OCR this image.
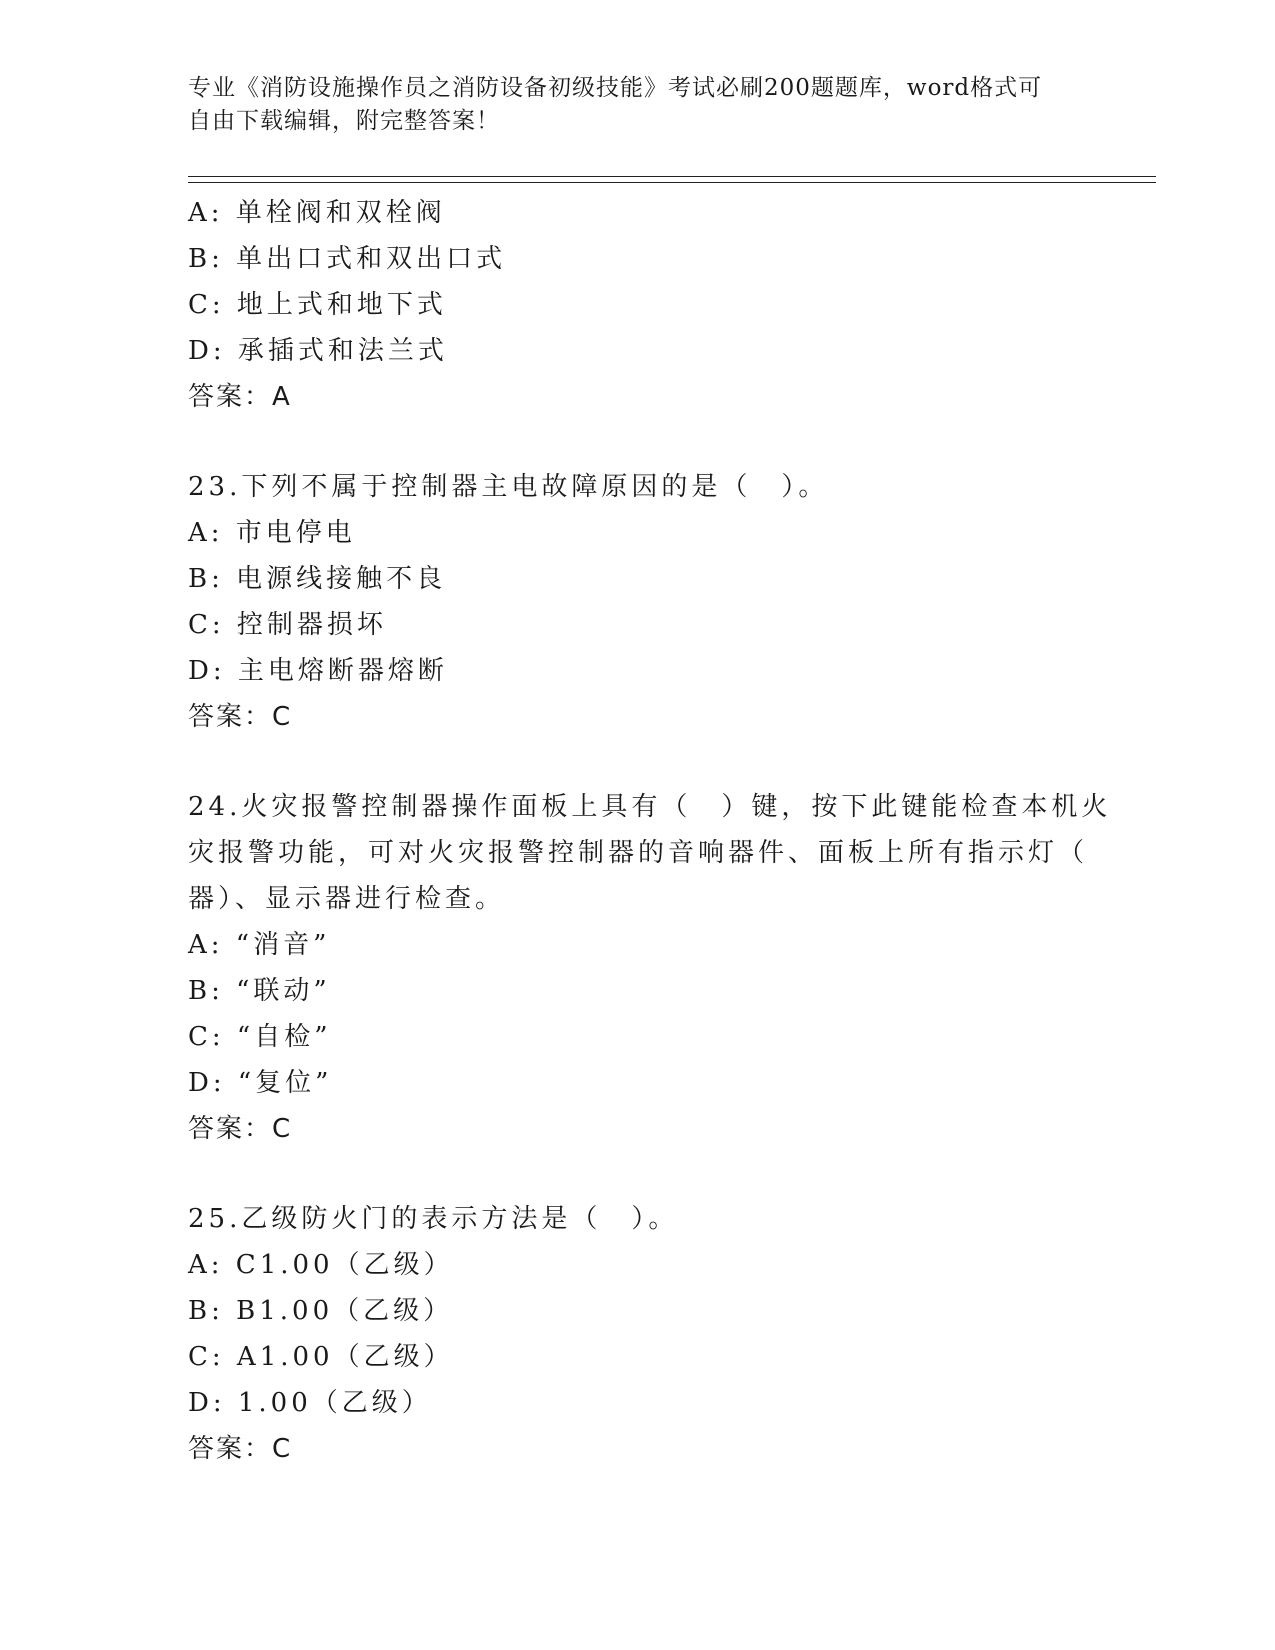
专业《消防设施操作员之消防设备初级技能》考试必刷200题题库，word格式可
自由下载编辑，附完整答案！
A: 单栓阀和双栓阀
B: 单出口式和双出口式
C: 地上式和地下式
D: 承插式和法兰式
答案：A
23.下列不属于控制器主电故障原因的是（　）。
A: 市电停电
B: 电源线接触不良
C: 控制器损坏
D: 主电熔断器熔断
答案：C
24.火灾报警控制器操作面板上具有（　）键，按下此键能检查本机火
灾报警功能，可对火灾报警控制器的音响器件、面板上所有指示灯（
器）、显示器进行检查。
A: “消音”
B: “联动”
C: “自检”
D: “复位”
答案：C
25.乙级防火门的表示方法是（　）。
A: C1.00（乙级）
B: B1.00（乙级）
C: A1.00（乙级）
D: 1.00（乙级）
答案：C
